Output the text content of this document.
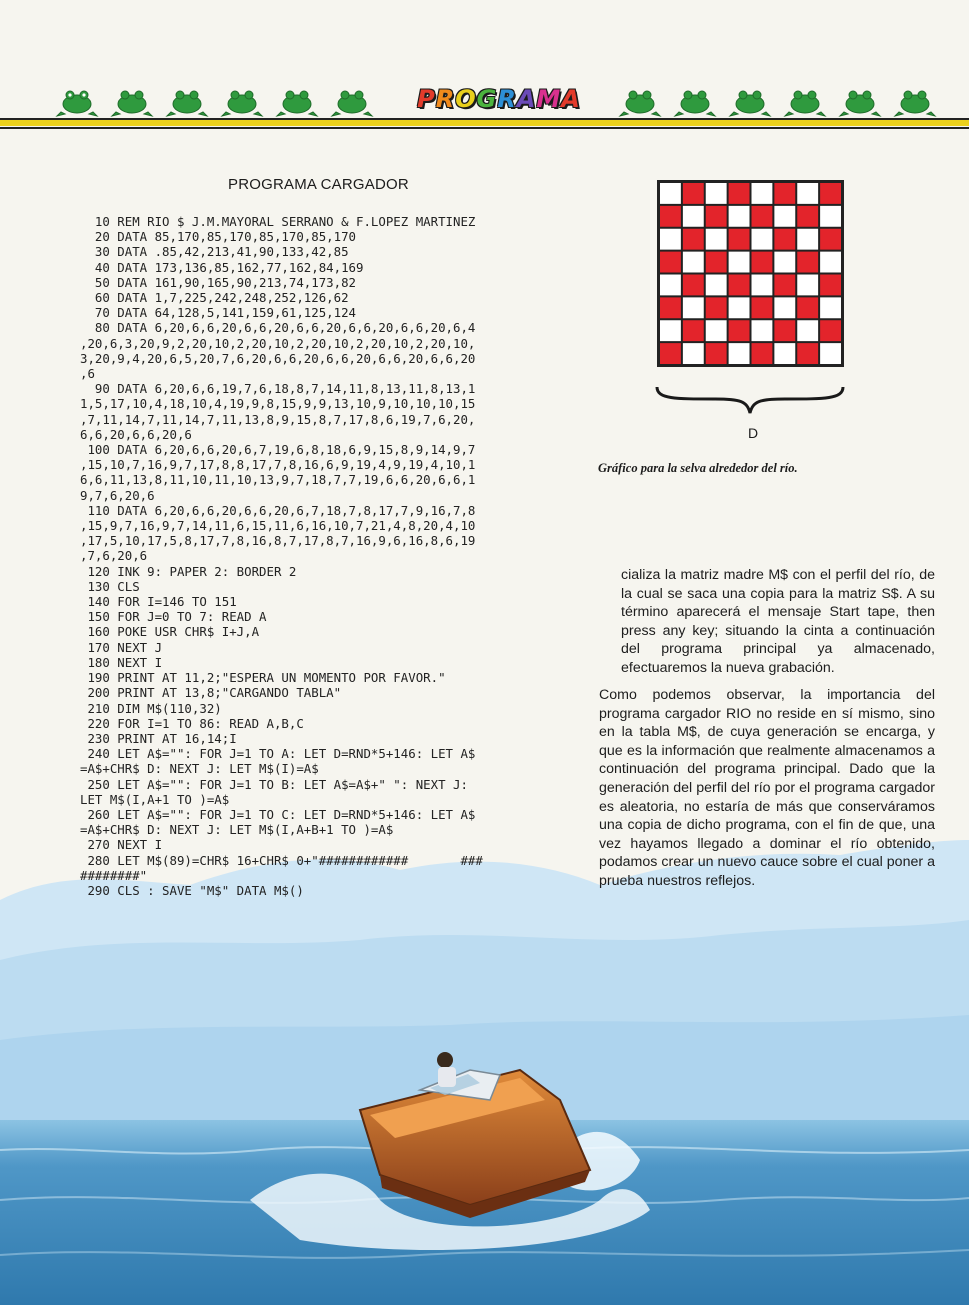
PROGRAMA
PROGRAMA CARGADOR
10 REM RIO $ J.M.MAYORAL SERRANO & F.LOPEZ MARTINEZ
20 DATA 85,170,85,170,85,170,85,170
30 DATA .85,42,213,41,90,133,42,85
40 DATA 173,136,85,162,77,162,84,169
50 DATA 161,90,165,90,213,74,173,82
60 DATA 1,7,225,242,248,252,126,62
70 DATA 64,128,5,141,159,61,125,124
80 DATA 6,20,6,6,20,6,6,20,6,6,20,6,6,20,6,6,20,6,4
,20,6,3,20,9,2,20,10,2,20,10,2,20,10,2,20,10,2,20,10,
3,20,9,4,20,6,5,20,7,6,20,6,6,20,6,6,20,6,6,20,6,6,20
,6
90 DATA 6,20,6,6,19,7,6,18,8,7,14,11,8,13,11,8,13,1
1,5,17,10,4,18,10,4,19,9,8,15,9,9,13,10,9,10,10,10,15
,7,11,14,7,11,14,7,11,13,8,9,15,8,7,17,8,6,19,7,6,20,
6,6,20,6,6,20,6
100 DATA 6,20,6,6,20,6,7,19,6,8,18,6,9,15,8,9,14,9,7
,15,10,7,16,9,7,17,8,8,17,7,8,16,6,9,19,4,9,19,4,10,1
6,6,11,13,8,11,10,11,10,13,9,7,18,7,7,19,6,6,20,6,6,1
9,7,6,20,6
110 DATA 6,20,6,6,20,6,6,20,6,7,18,7,8,17,7,9,16,7,8
,15,9,7,16,9,7,14,11,6,15,11,6,16,10,7,21,4,8,20,4,10
,17,5,10,17,5,8,17,7,8,16,8,7,17,8,7,16,9,6,16,8,6,19
,7,6,20,6
120 INK 9: PAPER 2: BORDER 2
130 CLS
140 FOR I=146 TO 151
150 FOR J=0 TO 7: READ A
160 POKE USR CHR$ I+J,A
170 NEXT J
180 NEXT I
190 PRINT AT 11,2;"ESPERA UN MOMENTO POR FAVOR."
200 PRINT AT 13,8;"CARGANDO TABLA"
210 DIM M$(110,32)
220 FOR I=1 TO 86: READ A,B,C
230 PRINT AT 16,14;I
240 LET A$="": FOR J=1 TO A: LET D=RND*5+146: LET A$
=A$+CHR$ D: NEXT J: LET M$(I)=A$
250 LET A$="": FOR J=1 TO B: LET A$=A$+" ": NEXT J:
LET M$(I,A+1 TO )=A$
260 LET A$="": FOR J=1 TO C: LET D=RND*5+146: LET A$
=A$+CHR$ D: NEXT J: LET M$(I,A+B+1 TO )=A$
270 NEXT I
280 LET M$(89)=CHR$ 16+CHR$ 0+"############       ###
########"
290 CLS : SAVE "M$" DATA M$()
D
Gráfico para la selva alrededor del río.
cializa la matriz madre M$ con el perfil del río, de la cual se saca una copia para la matriz S$. A su término aparecerá el mensaje Start tape, then press any key; situando la cinta a continuación del programa principal ya almacenado, efectuaremos la nueva grabación.
Como podemos observar, la importancia del programa cargador RIO no reside en sí mismo, sino en la tabla M$, de cuya generación se encarga, y que es la información que realmente almacenamos a continuación del programa principal. Dado que la generación del perfil del río por el programa cargador es aleatoria, no estaría de más que conserváramos una copia de dicho programa, con el fin de que, una vez hayamos llegado a dominar el río obtenido, podamos crear un nuevo cauce sobre el cual poner a prueba nuestros reflejos.
